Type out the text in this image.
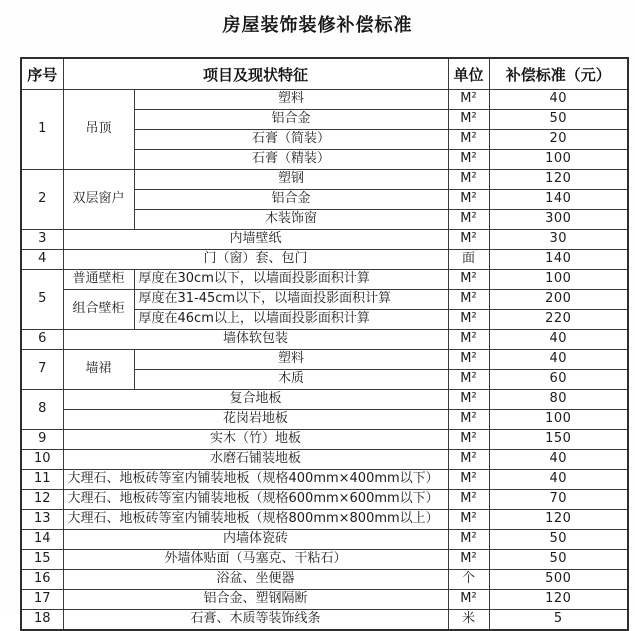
房屋装饰装修补偿标准
序号	项目及现状特征		单位	补偿标准（元）
1	吊顶	塑料	M²	40
		铝合金	M²	50
		石膏（简装）	M²	20
		石膏（精装）	M²	100
2	双层窗户	塑钢	M²	120
		铝合金	M²	140
		木装饰窗	M²	300
3	内墙壁纸		M²	30
4	门（窗）套、包门		面	140
5	普通壁柜	厚度在30cm以下，以墙面投影面积计算	M²	100
	组合壁柜	厚度在31-45cm以下，以墙面投影面积计算	M²	200
		厚度在46cm以上，以墙面投影面积计算	M²	220
6	墙体软包装		M²	40
7	墙裙	塑料	M²	40
		木质	M²	60
8	复合地板		M²	80
	花岗岩地板		M²	100
9	实木（竹）地板		M²	150
10	水磨石铺装地板		M²	40
11	大理石、地板砖等室内铺装地板（规格400mm×400mm以下）		M²	40
12	大理石、地板砖等室内铺装地板（规格600mm×600mm以下）		M²	70
13	大理石、地板砖等室内铺装地板（规格800mm×800mm以上）		M²	120
14	内墙体瓷砖		M²	50
15	外墙体贴面（马塞克、干粘石）		M²	50
16	浴盆、坐便器		个	500
17	铝合金、塑钢隔断		M²	120
18	石膏、木质等装饰线条		米	5
